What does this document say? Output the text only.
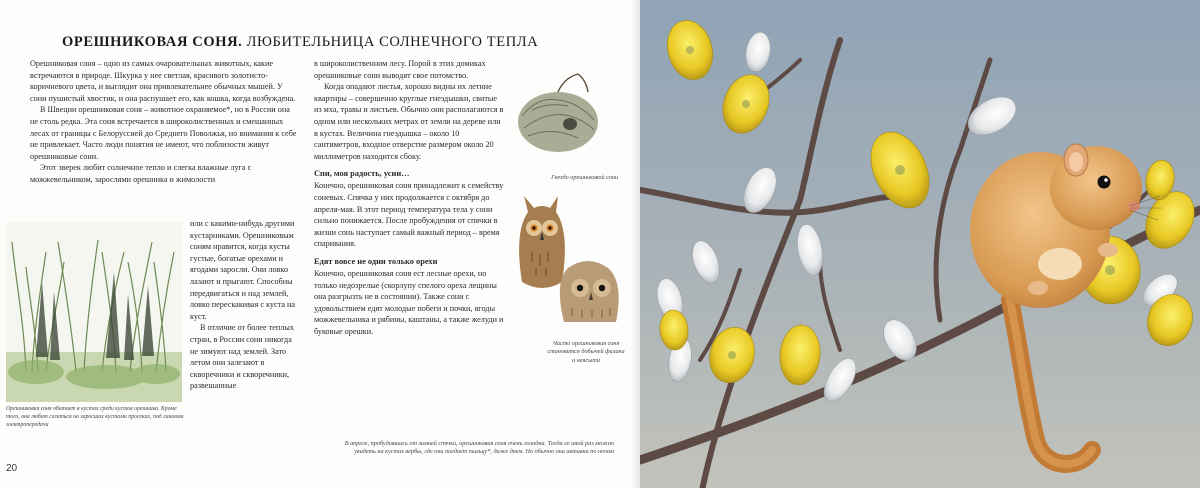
ОРЕШНИКОВАЯ СОНЯ. ЛЮБИТЕЛЬНИЦА СОЛНЕЧНОГО ТЕПЛА

Орешниковая соня – одно из самых очаровательных животных, какие встречаются в природе. Шкурка у нее светлая, красивого золотисто-коричневого цвета, и выглядит она привлекательнее обычных мышей. У сони пушистый хвостик, и она распушает его, как кошка, когда возбуждена.

В Швеции орешниковая соня – животное охраняемое*, но в России она не столь редка. Эта соня встречается в широколиственных и смешанных лесах от границы с Белоруссией до Среднего Поволжья, но внимания к себе не привлекает. Часто люди понятия не имеют, что поблизости живут орешниковые сони.

Этот зверек любит солнечное тепло и слегка влажные луга с можжевельником, зарослями орешника и жимолости

Орешниковая соня обитает в кустах среди кустов орешника. Кроме того, она любит селиться на заросших кустами просеках, под линиями электропередачи

или с какими-нибудь другими кустарниками. Орешниковым соням нравится, когда кусты густые, богатые орехами и ягодами заросли. Они ловко лазают и прыгают. Способны передвигаться и над землей, ловко перескакивая с куста на куст.

В отличие от более теплых стран, в России сони никогда не зимуют над землей. Зато летом они залезают в скворечники и скворечники, развешанные

в широколиственном лесу. Порой в этих домиках орешниковые сони выводят свое потомство.

Когда опадают листья, хорошо видны их летние квартиры – совершенно круглые гнездышки, свитые из мха, травы и листьев. Обычно они располагаются в одном или нескольких метрах от земли на дереве или в кустах. Величина гнездышка – около 10 сантиметров, входное отверстие размером около 20 миллиметров находится сбоку.

Спи, моя радость, усни…

Конечно, орешниковая соня принадлежит к семейству соневых. Спячка у них продолжается с октября до апреля-мая. В этот период температура тела у сони сильно понижается. После пробуждения от спячки в жизни сонь наступает самый важный период – время спаривания.

Едят вовсе не одни только орехи

Конечно, орешниковая соня ест лесные орехи, но только недозрелые (скорлупу спелого ореха лещины она разгрызть не в состоянии). Также сони с удовольствием едят молодые побеги и почки, ягоды можжевельника и рябины, каштаны, а также желуди и буковые орешки.

Гнездо орешниковой сони
Часто орешниковая соня становится добычей филина и неясыти
В апреле, пробудившись от зимней спячки, орешниковая соня очень голодна. Тогда ее иной раз можно увидеть на кустах вербы, где она поедает пыльцу*, даже днем. Но обычно она активна по ночам
20
